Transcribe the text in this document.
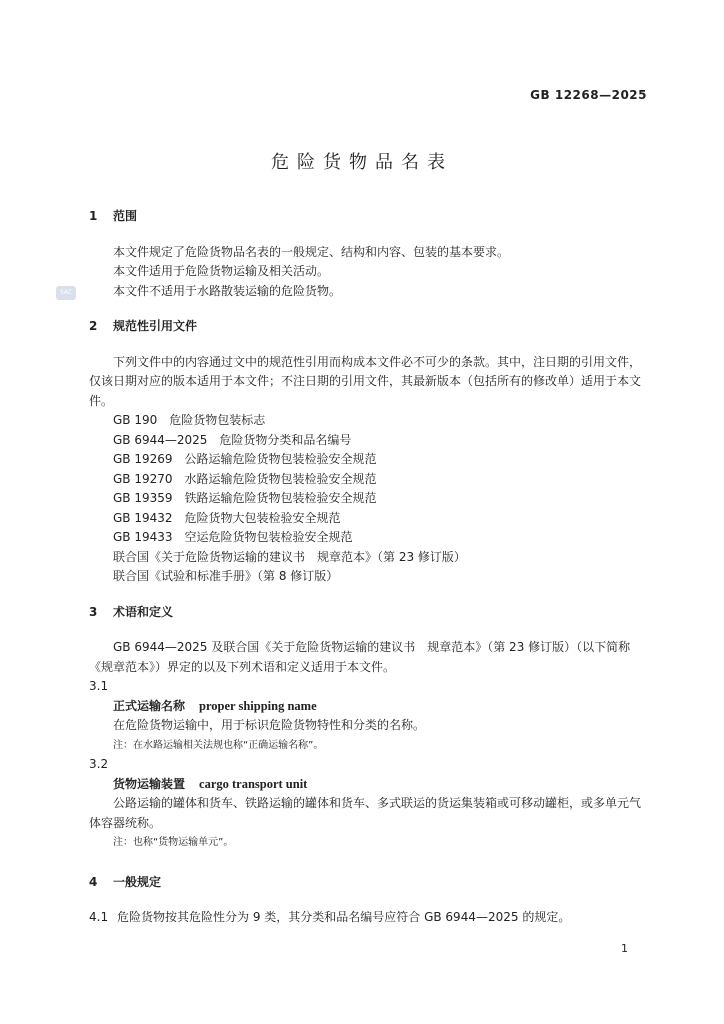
GB 12268—2025
SAC
危险货物品名表

1 范围

本文件规定了危险货物品名表的一般规定、结构和内容、包装的基本要求。

本文件适用于危险货物运输及相关活动。

本文件不适用于水路散装运输的危险货物。

2 规范性引用文件

下列文件中的内容通过文中的规范性引用而构成本文件必不可少的条款。其中，注日期的引用文件，仅该日期对应的版本适用于本文件；不注日期的引用文件，其最新版本（包括所有的修改单）适用于本文件。

GB 190　危险货物包装标志

GB 6944—2025　危险货物分类和品名编号

GB 19269　公路运输危险货物包装检验安全规范

GB 19270　水路运输危险货物包装检验安全规范

GB 19359　铁路运输危险货物包装检验安全规范

GB 19432　危险货物大包装检验安全规范

GB 19433　空运危险货物包装检验安全规范

联合国《关于危险货物运输的建议书　规章范本》（第 23 修订版）

联合国《试验和标准手册》（第 8 修订版）

3 术语和定义

GB 6944—2025 及联合国《关于危险货物运输的建议书　规章范本》（第 23 修订版）（以下简称《规章范本》）界定的以及下列术语和定义适用于本文件。

3.1

正式运输名称 proper shipping name

在危险货物运输中，用于标识危险货物特性和分类的名称。

注：在水路运输相关法规也称“正确运输名称”。

3.2

货物运输装置 cargo transport unit

公路运输的罐体和货车、铁路运输的罐体和货车、多式联运的货运集装箱或可移动罐柜，或多单元气体容器统称。

注：也称“货物运输单元”。

4 一般规定

4.1 危险货物按其危险性分为 9 类，其分类和品名编号应符合 GB 6944—2025 的规定。

1
